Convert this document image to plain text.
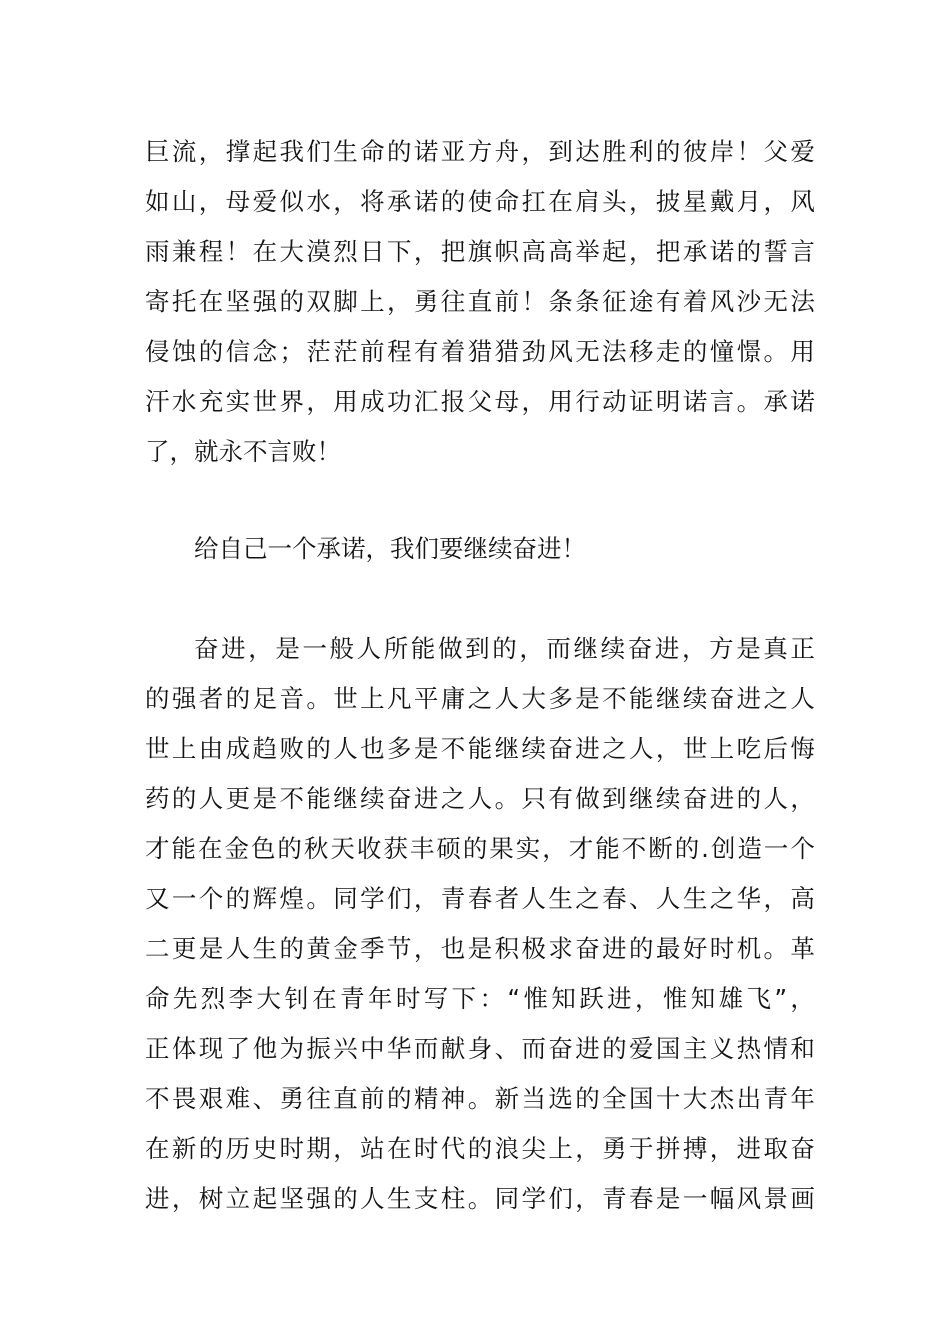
巨 流 ， 撑 起 我 们 生 命 的 诺 亚 方 舟 ， 到 达 胜 利 的 彼 岸 ！ 父 爱
如 山 ， 母 爱 似 水 ， 将 承 诺 的 使 命 扛 在 肩 头 ， 披 星 戴 月 ， 风
雨 兼 程 ！ 在 大 漠 烈 日 下 ， 把 旗 帜 高 高 举 起 ， 把 承 诺 的 誓 言
寄 托 在 坚 强 的 双 脚 上 ， 勇 往 直 前 ！ 条 条 征 途 有 着 风 沙 无 法
侵 蚀 的 信 念 ； 茫 茫 前 程 有 着 猎 猎 劲 风 无 法 移 走 的 憧 憬 。 用
汗 水 充 实 世 界 ， 用 成 功 汇 报 父 母 ， 用 行 动 证 明 诺 言 。 承 诺
了，就永不言败！
给自己一个承诺，我们要继续奋进！
奋 进 ， 是 一 般 人 所 能 做 到 的 ， 而 继 续 奋 进 ， 方 是 真 正
的 强 者 的 足 音 。 世 上 凡 平 庸 之 人 大 多 是 不 能 继 续 奋 进 之 人
世 上 由 成 趋 败 的 人 也 多 是 不 能 继 续 奋 进 之 人 ， 世 上 吃 后 悔
药 的 人 更 是 不 能 继 续 奋 进 之 人 。 只 有 做 到 继 续 奋 进 的 人 ，
才 能 在 金 色 的 秋 天 收 获 丰 硕 的 果 实 ， 才 能 不 断 的 . 创 造 一 个
又 一 个 的 辉 煌 。 同 学 们 ， 青 春 者 人 生 之 春 、 人 生 之 华 ， 高
二 更 是 人 生 的 黄 金 季 节 ， 也 是 积 极 求 奋 进 的 最 好 时 机 。 革
命 先 烈 李 大 钊 在 青 年 时 写 下 ： “ 惟 知 跃 进 ， 惟 知 雄 飞 ” ，
正 体 现 了 他 为 振 兴 中 华 而 献 身 、 而 奋 进 的 爱 国 主 义 热 情 和
不 畏 艰 难 、 勇 往 直 前 的 精 神 。 新 当 选 的 全 国 十 大 杰 出 青 年
在 新 的 历 史 时 期 ， 站 在 时 代 的 浪 尖 上 ， 勇 于 拼 搏 ， 进 取 奋
进 ， 树 立 起 坚 强 的 人 生 支 柱 。 同 学 们 ， 青 春 是 一 幅 风 景 画
